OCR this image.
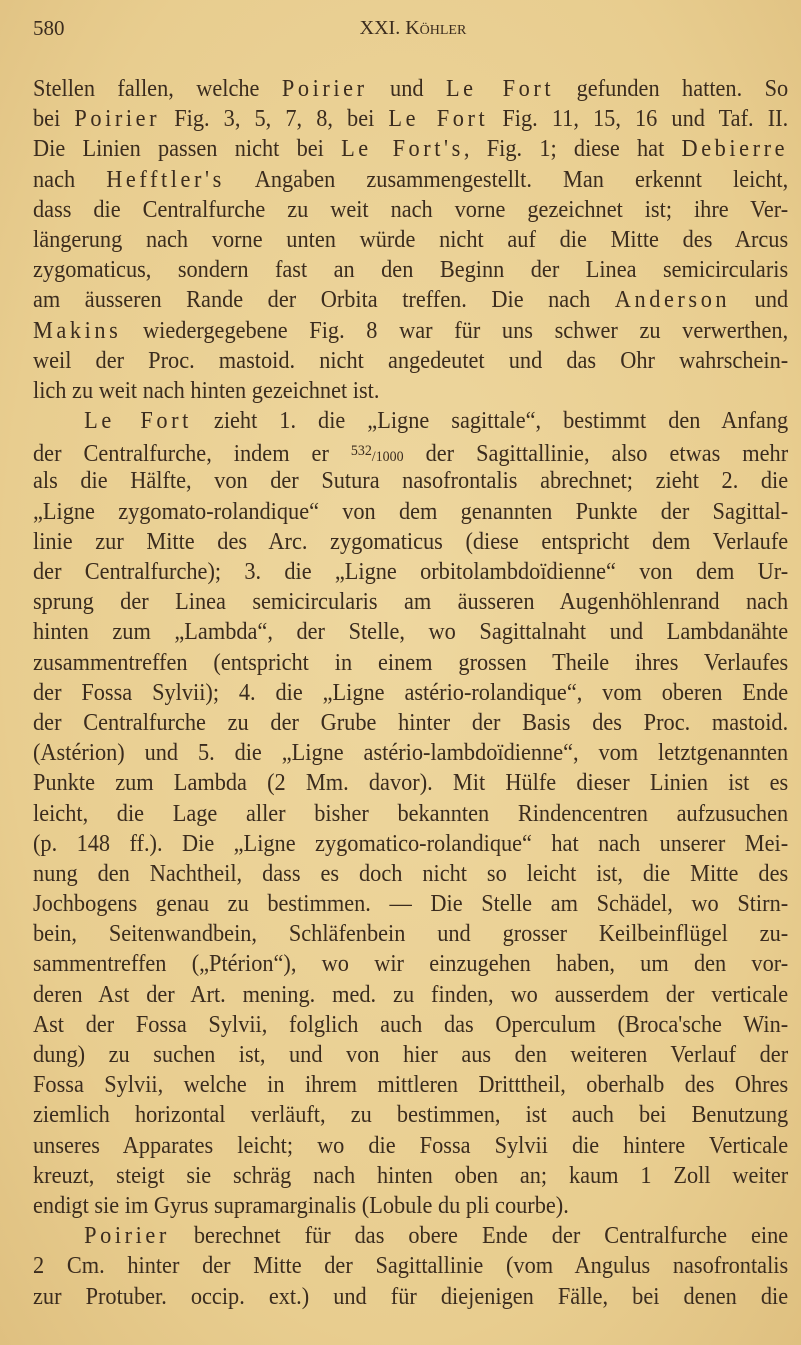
580	XXI. Köhler
Stellen fallen, welche Poirier und Le Fort gefunden hatten. So
bei Poirier Fig. 3, 5, 7, 8, bei Le Fort Fig. 11, 15, 16 und Taf. II.
Die Linien passen nicht bei Le Fort's, Fig. 1; diese hat Debierre
nach Hefftler's Angaben zusammengestellt. Man erkennt leicht,
dass die Centralfurche zu weit nach vorne gezeichnet ist; ihre Ver-
längerung nach vorne unten würde nicht auf die Mitte des Arcus
zygomaticus, sondern fast an den Beginn der Linea semicircularis
am äusseren Rande der Orbita treffen. Die nach Anderson und
Makins wiedergegebene Fig. 8 war für uns schwer zu verwerthen,
weil der Proc. mastoid. nicht angedeutet und das Ohr wahrschein-
lich zu weit nach hinten gezeichnet ist.
Le Fort zieht 1. die „Ligne sagittale“, bestimmt den Anfang
der Centralfurche, indem er $^{532}$/1000 der Sagittallinie, also etwas mehr
als die Hälfte, von der Sutura nasofrontalis abrechnet; zieht 2. die
„Ligne zygomato-rolandique“ von dem genannten Punkte der Sagittal-
linie zur Mitte des Arc. zygomaticus (diese entspricht dem Verlaufe
der Centralfurche); 3. die „Ligne orbitolambdoïdienne“ von dem Ur-
sprung der Linea semicircularis am äusseren Augenhöhlenrand nach
hinten zum „Lambda“, der Stelle, wo Sagittalnaht und Lambdanähte
zusammentreffen (entspricht in einem grossen Theile ihres Verlaufes
der Fossa Sylvii); 4. die „Ligne astério-rolandique“, vom oberen Ende
der Centralfurche zu der Grube hinter der Basis des Proc. mastoid.
(Astérion) und 5. die „Ligne astério-lambdoïdienne“, vom letztgenannten
Punkte zum Lambda (2 Mm. davor). Mit Hülfe dieser Linien ist es
leicht, die Lage aller bisher bekannten Rindencentren aufzusuchen
(p. 148 ff.). Die „Ligne zygomatico-rolandique“ hat nach unserer Mei-
nung den Nachtheil, dass es doch nicht so leicht ist, die Mitte des
Jochbogens genau zu bestimmen. — Die Stelle am Schädel, wo Stirn-
bein, Seitenwandbein, Schläfenbein und grosser Keilbeinflügel zu-
sammentreffen („Ptérion“), wo wir einzugehen haben, um den vor-
deren Ast der Art. mening. med. zu finden, wo ausserdem der verticale
Ast der Fossa Sylvii, folglich auch das Operculum (Broca'sche Win-
dung) zu suchen ist, und von hier aus den weiteren Verlauf der
Fossa Sylvii, welche in ihrem mittleren Dritttheil, oberhalb des Ohres
ziemlich horizontal verläuft, zu bestimmen, ist auch bei Benutzung
unseres Apparates leicht; wo die Fossa Sylvii die hintere Verticale
kreuzt, steigt sie schräg nach hinten oben an; kaum 1 Zoll weiter
endigt sie im Gyrus supramarginalis (Lobule du pli courbe).
Poirier berechnet für das obere Ende der Centralfurche eine
2 Cm. hinter der Mitte der Sagittallinie (vom Angulus nasofrontalis
zur Protuber. occip. ext.) und für diejenigen Fälle, bei denen die
